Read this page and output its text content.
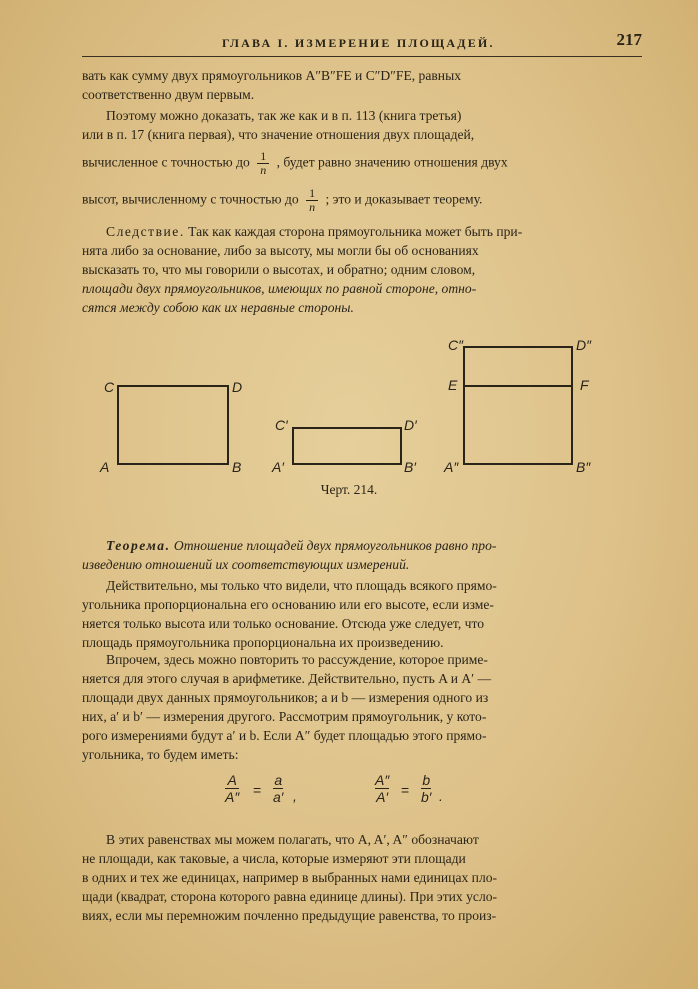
ГЛАВА I. ИЗМЕРЕНИЕ ПЛОЩАДЕЙ.	217

вать как сумму двух прямоугольников A″B″FE и C″D″FE, равных

соответственно двум первым.

Поэтому можно доказать, так же как и в п. 113 (книга третья)

или в п. 17 (книга первая), что значение отношения двух площадей,

вычисленное с точностью до $\frac{1}{n}$ , будет равно значению отношения двух

высот, вычисленному с точностью до $\frac{1}{n}$ ; это и доказывает теорему.

Следствие. Так как каждая сторона прямоугольника может быть при-

нята либо за основание, либо за высоту, мы могли бы об основаниях

высказать то, что мы говорили о высотах, и обратно; одним словом,

площади двух прямоугольников, имеющих по равной стороне, отно-

сятся между собою как их неравные стороны.

C	D
A	B
C′	D′
A′	B′
C″	D″
E	F
A″	B″
Черт. 214.

Теорема. Отношение площадей двух прямоугольников равно про-

изведению отношений их соответствующих измерений.

Действительно, мы только что видели, что площадь всякого прямо-

угольника пропорциональна его основанию или его высоте, если изме-

няется только высота или только основание. Отсюда уже следует, что

площадь прямоугольника пропорциональна их произведению.

Впрочем, здесь можно повторить то рассуждение, которое приме-

няется для этого случая в арифметике. Действительно, пусть A и A′ —

площади двух данных прямоугольников; a и b — измерения одного из

них, a′ и b′ — измерения другого. Рассмотрим прямоугольник, у кото-

рого измерениями будут a′ и b. Если A″ будет площадью этого прямо-

угольника, то будем иметь:

$\frac{A}{A''} = \frac{a}{a'}$ ,	$\frac{A''}{A'} = \frac{b}{b'}$ .

В этих равенствах мы можем полагать, что A, A′, A″ обозначают

не площади, как таковые, а числа, которые измеряют эти площади

в одних и тех же единицах, например в выбранных нами единицах пло-

щади (квадрат, сторона которого равна единице длины). При этих усло-

виях, если мы перемножим почленно предыдущие равенства, то произ-
